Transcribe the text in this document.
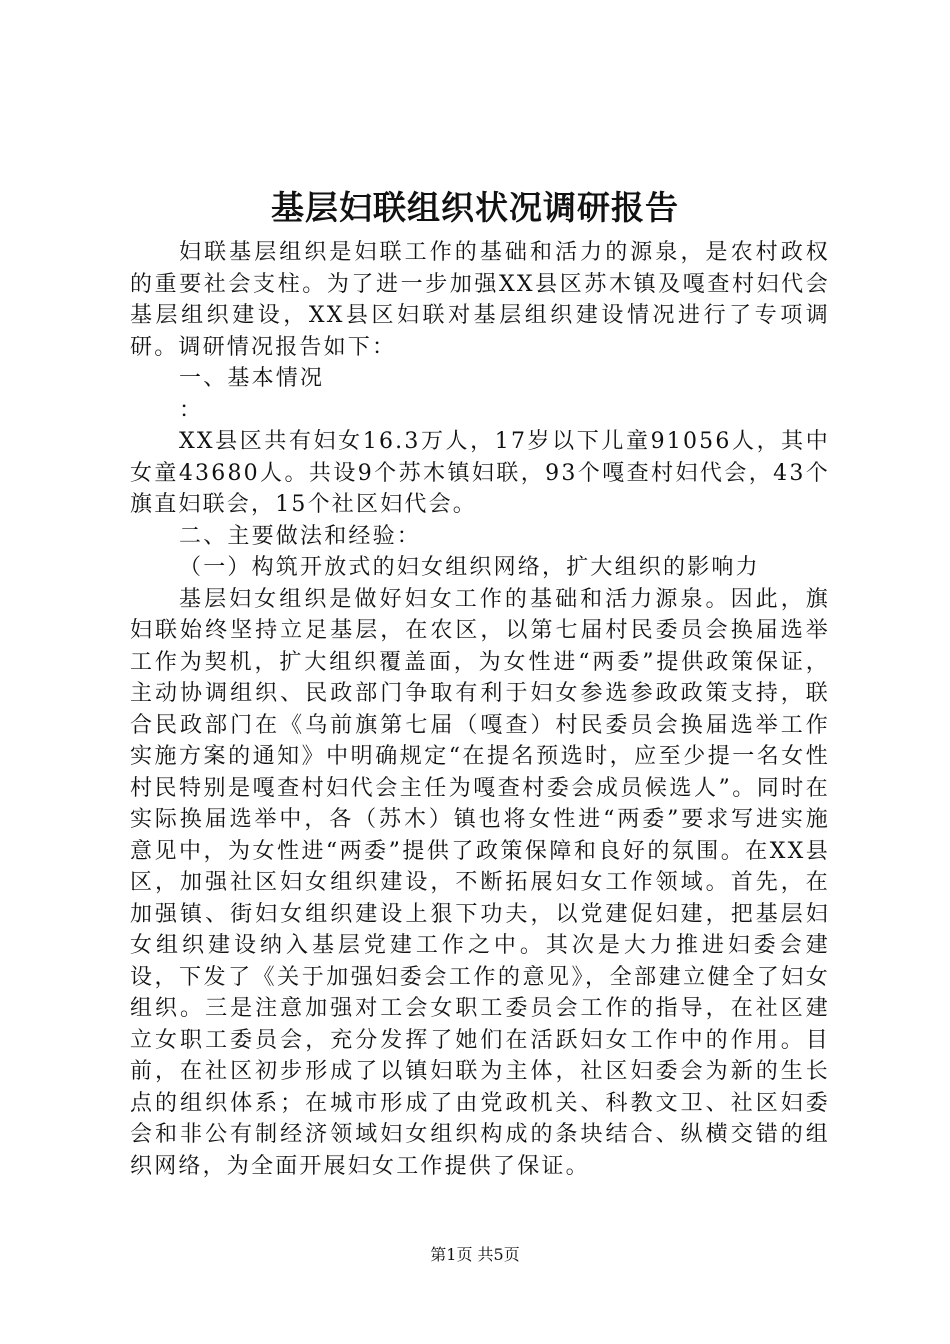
基层妇联组织状况调研报告

妇联基层组织是妇联工作的基础和活力的源泉，是农村政权的重要社会支柱。为了进一步加强XX县区苏木镇及嘎查村妇代会基层组织建设，XX县区妇联对基层组织建设情况进行了专项调研。调研情况报告如下：

一、基本情况

：

XX县区共有妇女16.3万人，17岁以下儿童91056人，其中女童43680人。共设9个苏木镇妇联，93个嘎查村妇代会，43个旗直妇联会，15个社区妇代会。

二、主要做法和经验：

（一）构筑开放式的妇女组织网络，扩大组织的影响力

基层妇女组织是做好妇女工作的基础和活力源泉。因此，旗妇联始终坚持立足基层，在农区，以第七届村民委员会换届选举工作为契机，扩大组织覆盖面，为女性进“两委”提供政策保证，主动协调组织、民政部门争取有利于妇女参选参政政策支持，联合民政部门在《乌前旗第七届（嘎查）村民委员会换届选举工作实施方案的通知》中明确规定“在提名预选时，应至少提一名女性村民特别是嘎查村妇代会主任为嘎查村委会成员候选人”。同时在实际换届选举中，各（苏木）镇也将女性进“两委”要求写进实施意见中，为女性进“两委”提供了政策保障和良好的氛围。在XX县区，加强社区妇女组织建设，不断拓展妇女工作领域。首先，在加强镇、街妇女组织建设上狠下功夫，以党建促妇建，把基层妇女组织建设纳入基层党建工作之中。其次是大力推进妇委会建设，下发了《关于加强妇委会工作的意见》，全部建立健全了妇女组织。三是注意加强对工会女职工委员会工作的指导，在社区建立女职工委员会，充分发挥了她们在活跃妇女工作中的作用。目前，在社区初步形成了以镇妇联为主体，社区妇委会为新的生长点的组织体系；在城市形成了由党政机关、科教文卫、社区妇委会和非公有制经济领域妇女组织构成的条块结合、纵横交错的组织网络，为全面开展妇女工作提供了保证。

第1页 共5页
